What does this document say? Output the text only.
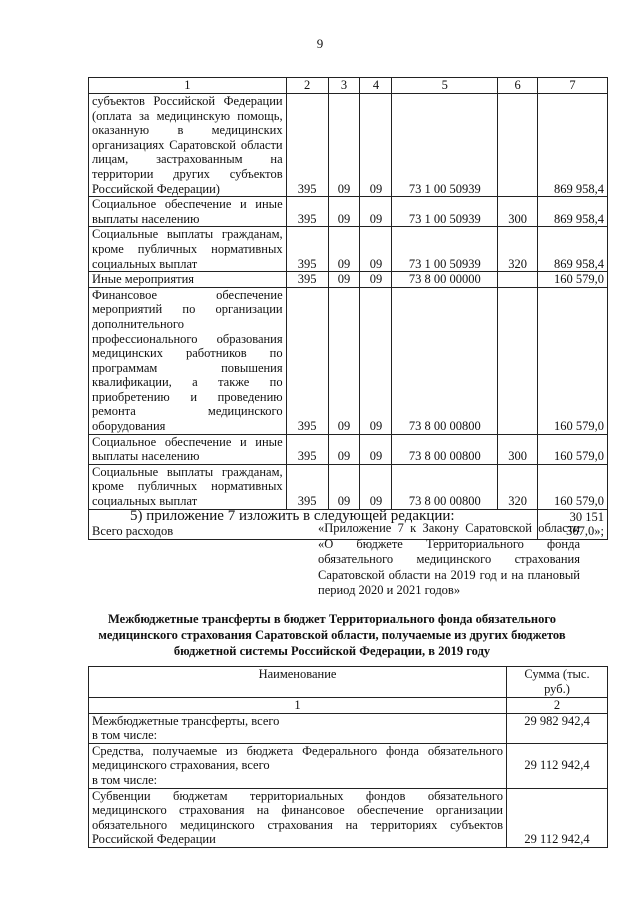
9
1	2	3	4	5	6	7
субъектов Российской Федерации (оплата за медицинскую помощь, оказанную в медицинских организациях Саратовской области лицам, застрахованным на территории других субъектов Российской Федерации)	395	09	09	73 1 00 50939		869 958,4
Социальное обеспечение и иные выплаты населению	395	09	09	73 1 00 50939	300	869 958,4
Социальные выплаты гражданам, кроме публичных нормативных социальных выплат	395	09	09	73 1 00 50939	320	869 958,4
Иные мероприятия	395	09	09	73 8 00 00000		160 579,0
Финансовое обеспечение мероприятий по организации дополнительного профессионального образования медицинских работников по программам повышения квалификации, а также по приобретению и проведению ремонта медицинского оборудования	395	09	09	73 8 00 00800		160 579,0
Социальное обеспечение и иные выплаты населению	395	09	09	73 8 00 00800	300	160 579,0
Социальные выплаты гражданам, кроме публичных нормативных социальных выплат	395	09	09	73 8 00 00800	320	160 579,0
Всего расходов						30 151 367,0»;
5) приложение 7 изложить в следующей редакции:
«Приложение 7 к Закону Саратовской области «О бюджете Территориального фонда обязательного медицинского страхования Саратовской области на 2019 год и на плановый период 2020 и 2021 годов»
Межбюджетные трансферты в бюджет Территориального фонда обязательного медицинского страхования Саратовской области, получаемые из других бюджетов бюджетной системы Российской Федерации, в 2019 году
Наименование	Сумма (тыс. руб.)
1	2

Межбюджетные трансферты, всего
в том числе:	29 982 942,4

Средства, получаемые из бюджета Федерального фонда обязательного медицинского страхования, всего
в том числе:	29 112 942,4

Субвенции бюджетам территориальных фондов обязательного медицинского страхования на финансовое обеспечение организации обязательного медицинского страхования на территориях субъектов Российской Федерации	29 112 942,4
